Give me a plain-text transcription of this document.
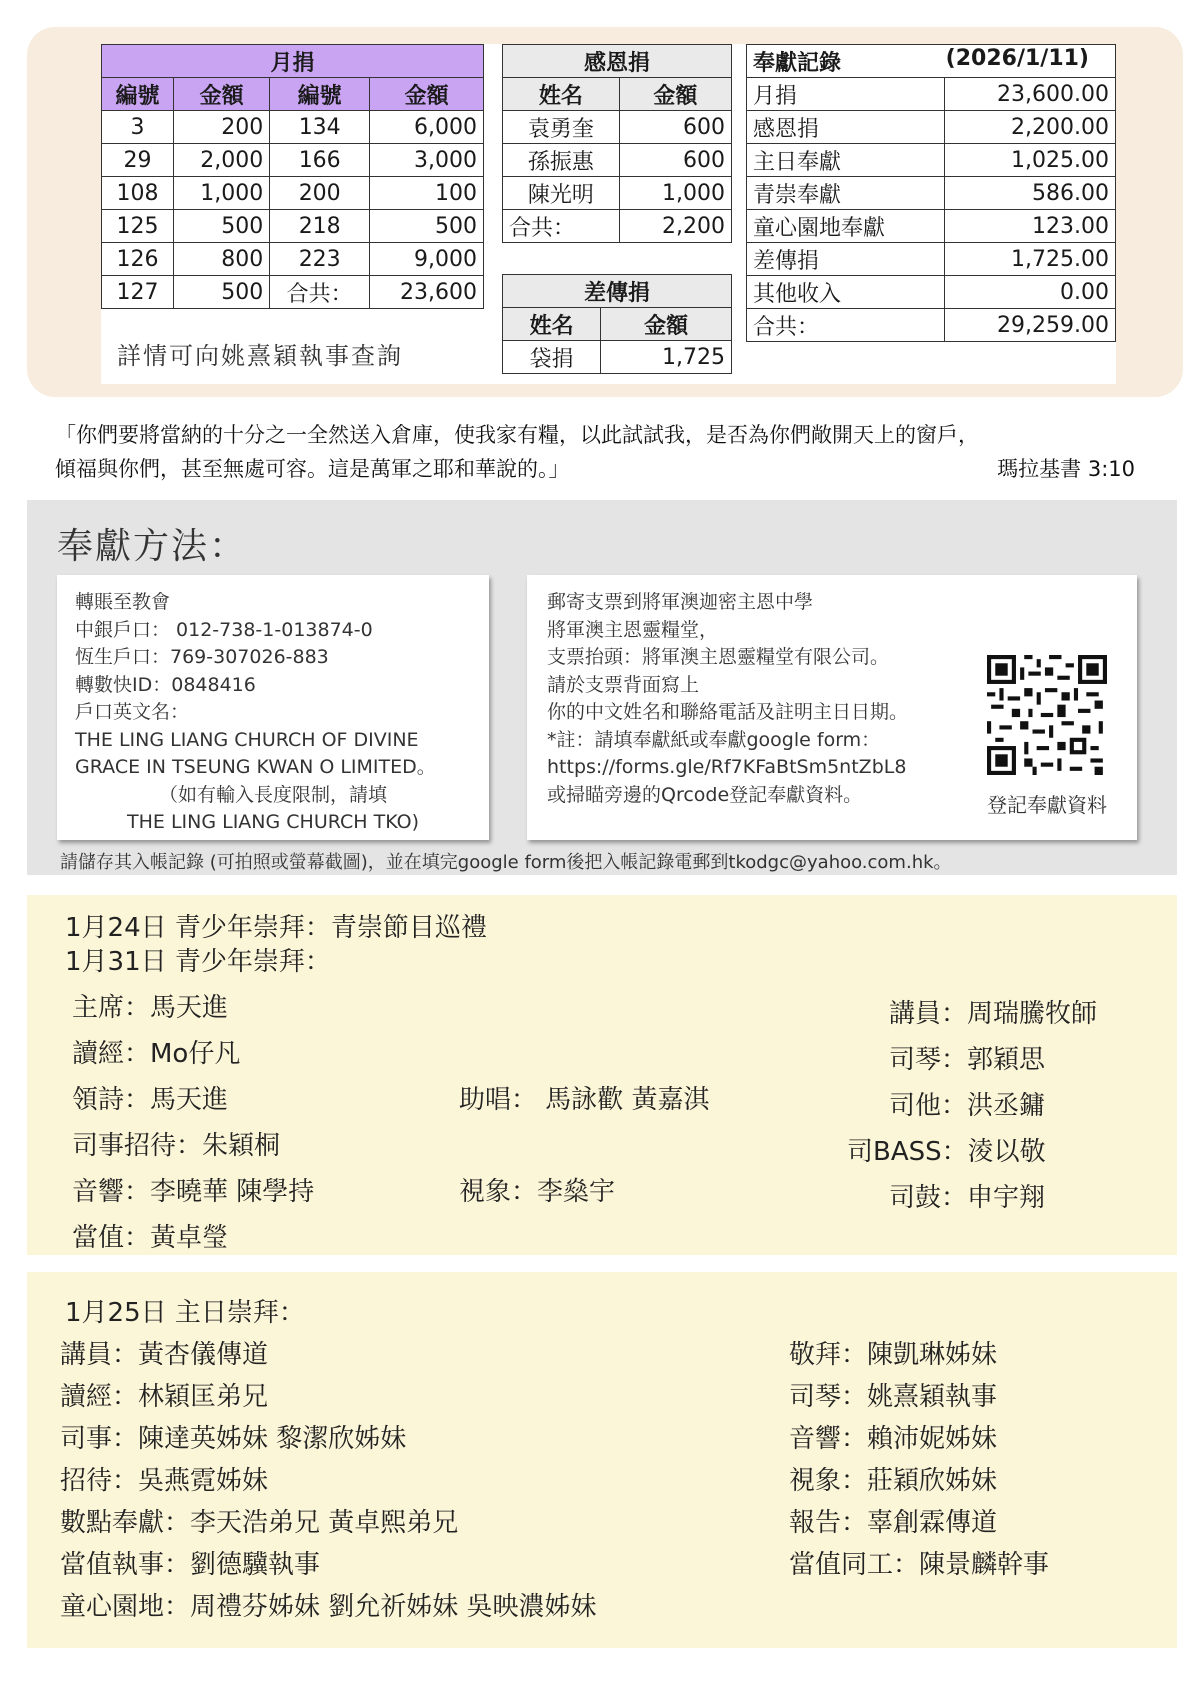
月捐			
編號	金額	編號	金額
3	200	134	6,000
29	2,000	166	3,000
108	1,000	200	100
125	500	218	500
126	800	223	9,000
127	500	合共：	23,600
感恩捐	
姓名	金額
袁勇奎	600
孫振惠	600
陳光明	1,000
合共：	2,200
差傳捐	
姓名	金額
袋捐	1,725
奉獻記錄 (2026/1/11)	

月捐	23,600.00
感恩捐	2,200.00
主日奉獻	1,025.00
青崇奉獻	586.00
童心園地奉獻	123.00
差傳捐	1,725.00
其他收入	0.00
合共：	29,259.00
詳情可向姚熹穎執事查詢
「你們要將當納的十分之一全然送入倉庫，使我家有糧，以此試試我，是否為你們敞開天上的窗戶，
傾福與你們，甚至無處可容。這是萬軍之耶和華說的。」	瑪拉基書 3:10
奉獻方法：
轉賬至教會
中銀戶口： 012-738-1-013874-0
恆生戶口：769-307026-883
轉數快ID：0848416
戶口英文名：
THE LING LIANG CHURCH OF DIVINE
GRACE IN TSEUNG KWAN O LIMITED。
（如有輸入長度限制，請填
THE LING LIANG CHURCH TKO)
郵寄支票到將軍澳迦密主恩中學
將軍澳主恩靈糧堂，
支票抬頭：將軍澳主恩靈糧堂有限公司。
請於支票背面寫上
你的中文姓名和聯絡電話及註明主日日期。
*註：請填奉獻紙或奉獻google form：
https://forms.gle/Rf7KFaBtSm5ntZbL8
或掃瞄旁邊的Qrcode登記奉獻資料。	登記奉獻資料
請儲存其入帳記錄 (可拍照或螢幕截圖)，並在填完google form後把入帳記錄電郵到tkodgc@yahoo.com.hk。
1月24日 青少年崇拜：青崇節目巡禮
1月31日 青少年崇拜：
主席：馬天進
讀經：Mo仔凡
領詩：馬天進	助唱： 馬詠歡 黃嘉淇
司事招待：朱穎桐
音響：李曉華 陳學持	視象：李燊宇
當值：黃卓瑩
講員：周瑞騰牧師
司琴：郭穎思
司他：洪丞鏞
司BASS：淩以敬
司鼓：申宇翔
1月25日 主日崇拜：
講員：黃杏儀傳道
讀經：林穎匡弟兄
司事：陳達英姊妹 黎潔欣姊妹
招待：吳燕霓姊妹
數點奉獻：李天浩弟兄 黃卓熙弟兄
當值執事：劉德驥執事
童心園地：周禮芬姊妹 劉允祈姊妹 吳映濃姊妹
敬拜：陳凱琳姊妹
司琴：姚熹穎執事
音響：賴沛妮姊妹
視象：莊穎欣姊妹
報告：辜創霖傳道
當值同工：陳景麟幹事
